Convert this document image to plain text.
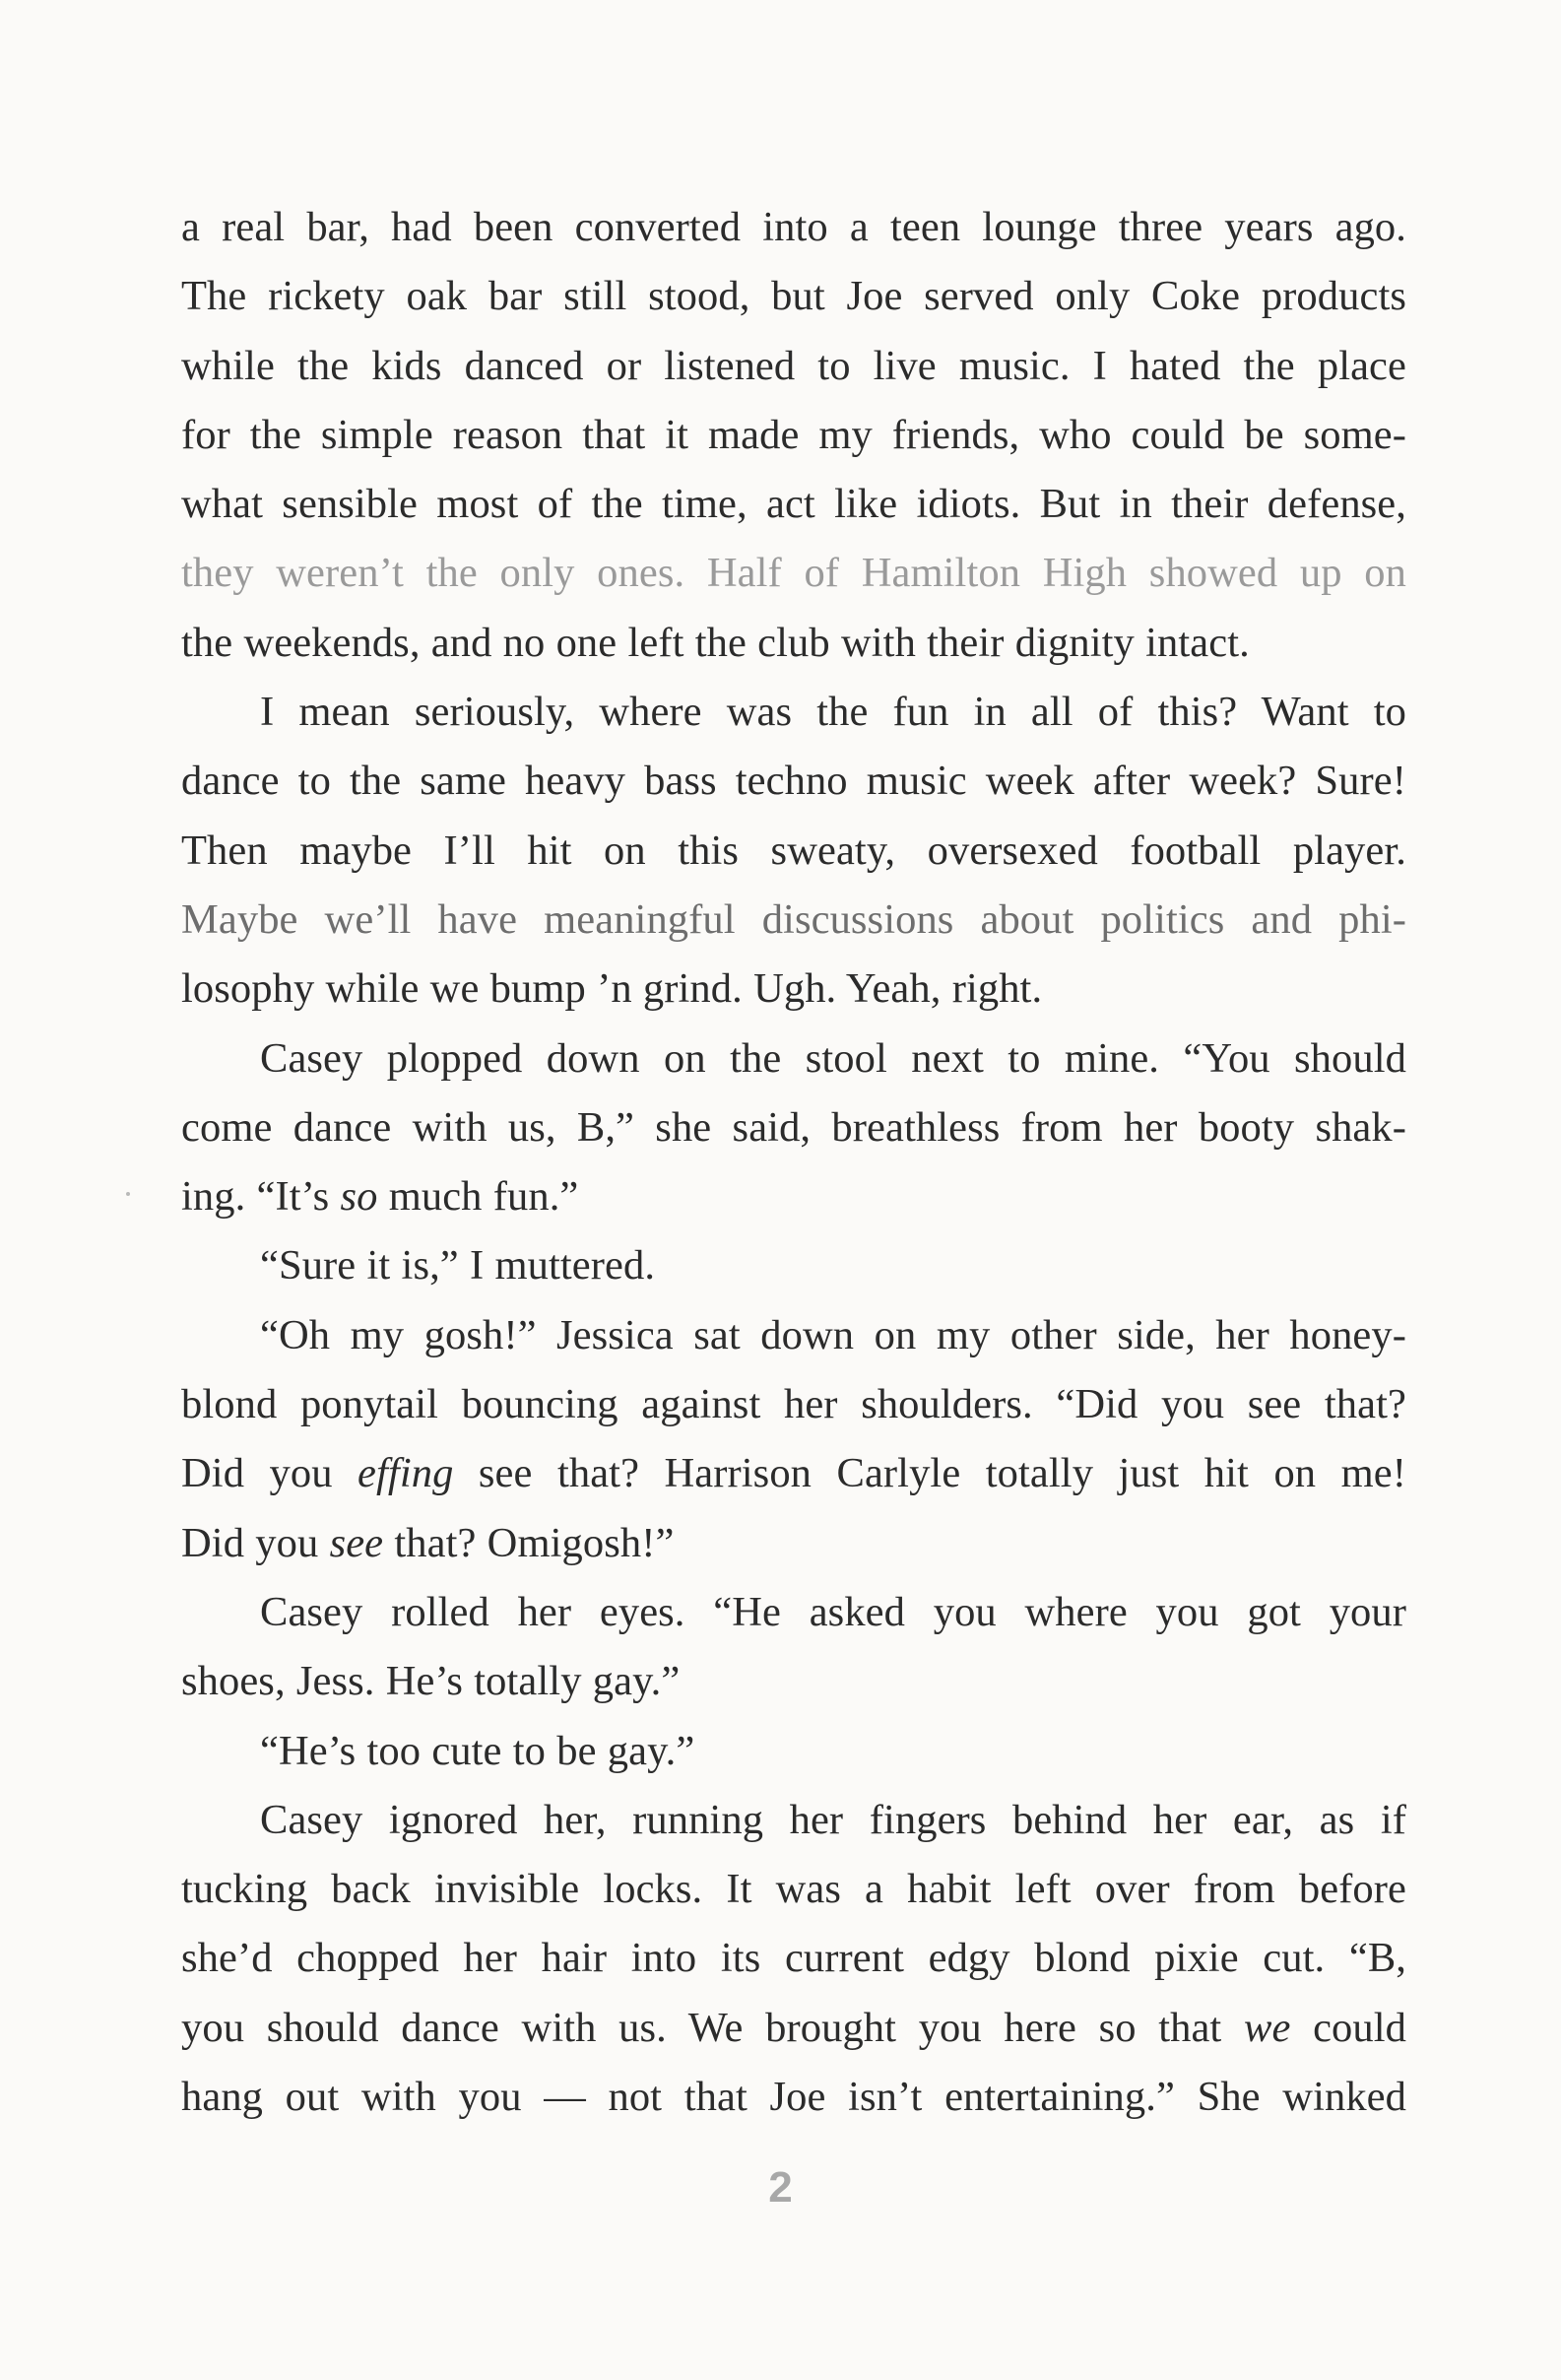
a real bar, had been converted into a teen lounge three years ago.
The rickety oak bar still stood, but Joe served only Coke products
while the kids danced or listened to live music. I hated the place
for the simple reason that it made my friends, who could be some-
what sensible most of the time, act like idiots. But in their defense,
they weren’t the only ones. Half of Hamilton High showed up on
the weekends, and no one left the club with their dignity intact.
I mean seriously, where was the fun in all of this? Want to
dance to the same heavy bass techno music week after week? Sure!
Then maybe I’ll hit on this sweaty, oversexed football player.
Maybe we’ll have meaningful discussions about politics and phi-
losophy while we bump ’n grind. Ugh. Yeah, right.
Casey plopped down on the stool next to mine. “You should
come dance with us, B,” she said, breathless from her booty shak-
ing. “It’s so much fun.”
“Sure it is,” I muttered.
“Oh my gosh!” Jessica sat down on my other side, her honey-
blond ponytail bouncing against her shoulders. “Did you see that?
Did you effing see that? Harrison Carlyle totally just hit on me!
Did you see that? Omigosh!”
Casey rolled her eyes. “He asked you where you got your
shoes, Jess. He’s totally gay.”
“He’s too cute to be gay.”
Casey ignored her, running her fingers behind her ear, as if
tucking back invisible locks. It was a habit left over from before
she’d chopped her hair into its current edgy blond pixie cut. “B,
you should dance with us. We brought you here so that we could
hang out with you — not that Joe isn’t entertaining.” She winked
2
